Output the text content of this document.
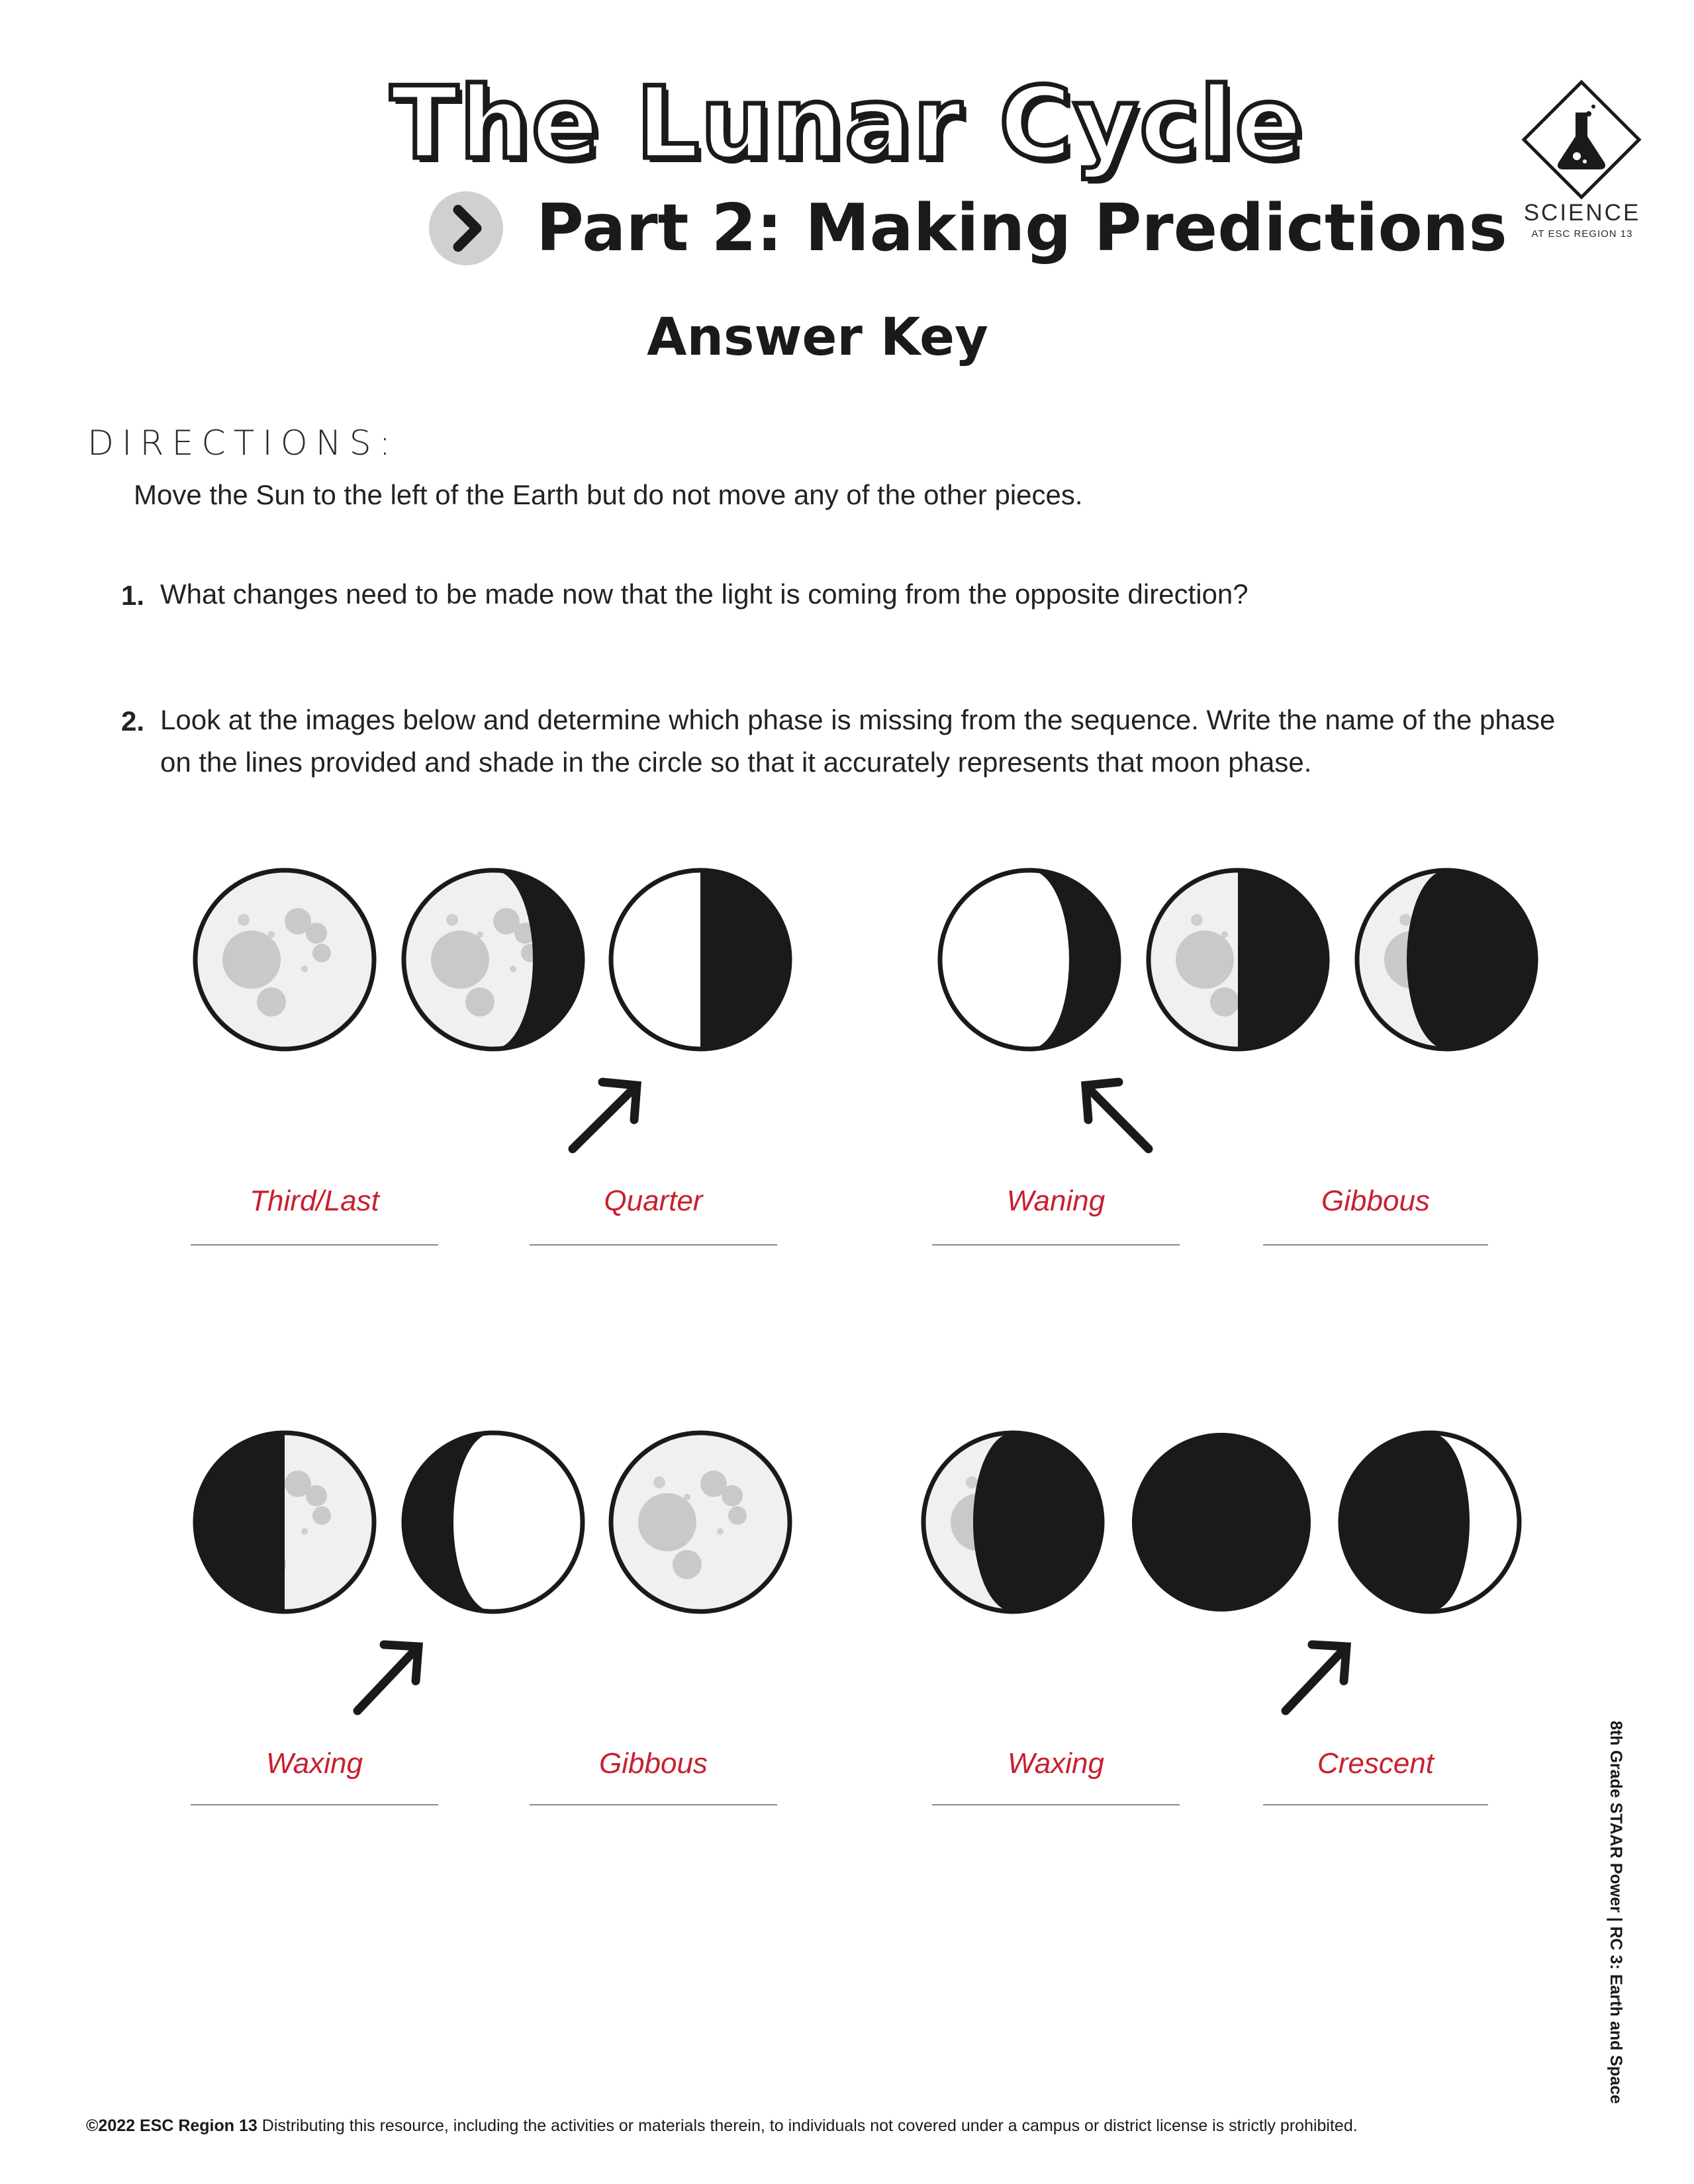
The Lunar Cycle
Part 2: Making Predictions
Answer Key
SCIENCE
AT ESC REGION 13
DIRECTIONS:
Move the Sun to the left of the Earth but do not move any of the other pieces.
1. What changes need to be made now that the light is coming from the opposite direction?
2. Look at the images below and determine which phase is missing from the sequence. Write the name of the phase
on the lines provided and shade in the circle so that it accurately represents that moon phase.
Third/Last	Quarter	Waning	Gibbous
Waxing	Gibbous	Waxing	Crescent	8th Grade STAAR Power | RC 3: Earth and Space
©2022 ESC Region 13 Distributing this resource, including the activities or materials therein, to individuals not covered under a campus or district license is strictly prohibited.
